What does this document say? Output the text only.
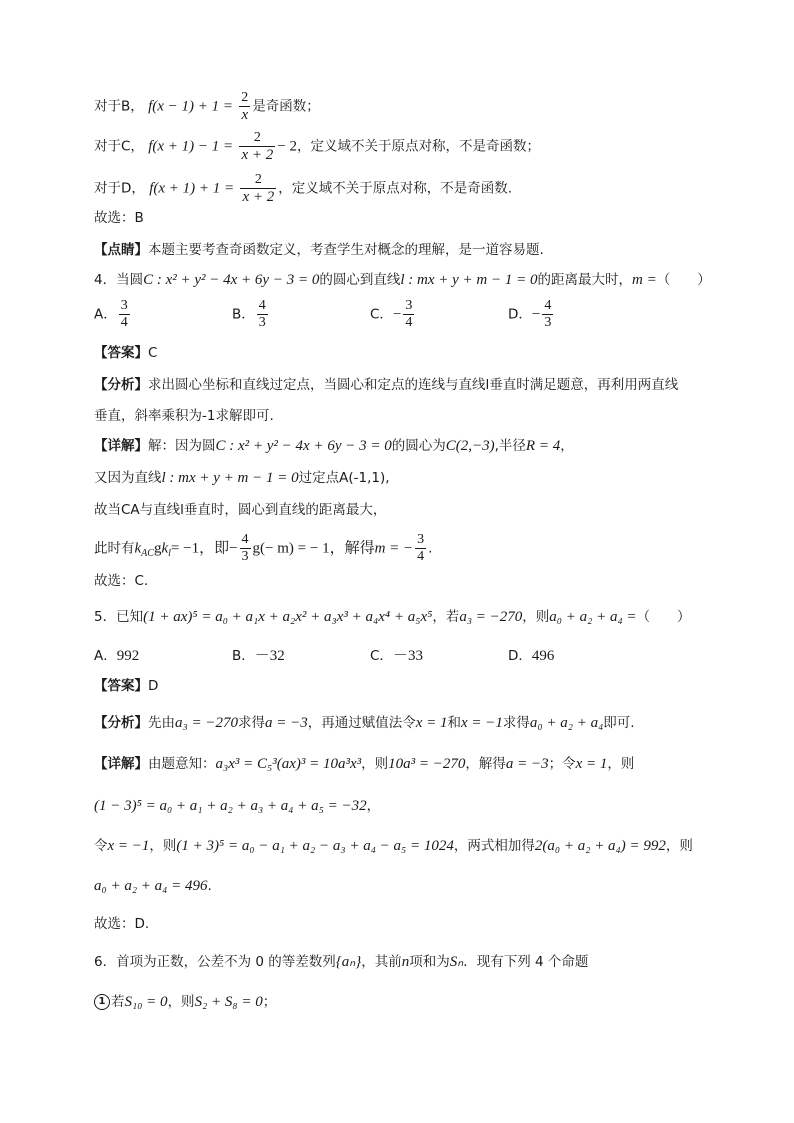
对于B， $f(x - 1) + 1 = \frac{2}{x}$ 是奇函数；
对于C， $f(x + 1) - 1 = \frac{2}{x + 2} - 2$，定义域不关于原点对称，不是奇函数；
对于D， $f(x + 1) + 1 = \frac{2}{x + 2}$ ，定义域不关于原点对称，不是奇函数.
故选：B
【点睛】本题主要考查奇函数定义，考查学生对概念的理解，是一道容易题.
4．当圆C : x² + y² − 4x + 6y − 3 = 0的圆心到直线l : mx + y + m − 1 = 0的距离最大时，m =（　　）
A． $\frac{3}{4}$	B． $\frac{4}{3}$	C．− $\frac{3}{4}$	D．− $\frac{4}{3}$
【答案】C
【分析】求出圆心坐标和直线过定点，当圆心和定点的连线与直线l垂直时满足题意，再利用两直线
垂直，斜率乘积为-1求解即可.
【详解】解：因为圆C : x² + y² − 4x + 6y − 3 = 0的圆心为C(2,−3),半径R = 4，
又因为直线l : mx + y + m − 1 = 0过定点A(-1,1),
故当CA与直线l垂直时，圆心到直线的距离最大，
此时有$k_{AC}gk_l= -1$，即− $\frac{4}{3} g(- m)$ = − 1，解得m = − $\frac{3}{4}$ .
故选：C.
5．已知(1 + ax)⁵ = a₀ + a₁x + a₂x² + a₃x³ + a₄x⁴ + a₅x⁵，若a₃ = −270，则a₀ + a₂ + a₄ =（　　）
A．992	B．－32	C．－33	D．496
【答案】D
【分析】先由a₃ = −270求得a = −3，再通过赋值法令x = 1和x = −1求得a₀ + a₂ + a₄即可.
【详解】由题意知：a₃x³ = C₅³(ax)³ = 10a³x³，则10a³ = −270，解得a = −3；令x = 1，则
(1 − 3)⁵ = a₀ + a₁ + a₂ + a₃ + a₄ + a₅ = −32，
令x = −1，则(1 + 3)⁵ = a₀ − a₁ + a₂ − a₃ + a₄ − a₅ = 1024，两式相加得2(a₀ + a₂ + a₄) = 992，则
a₀ + a₂ + a₄ = 496.
故选：D.
6．首项为正数，公差不为 0 的等差数列{aₙ}，其前n项和为Sₙ．现有下列 4 个命题
1 若S₁₀ = 0，则S₂ + S₈ = 0；
